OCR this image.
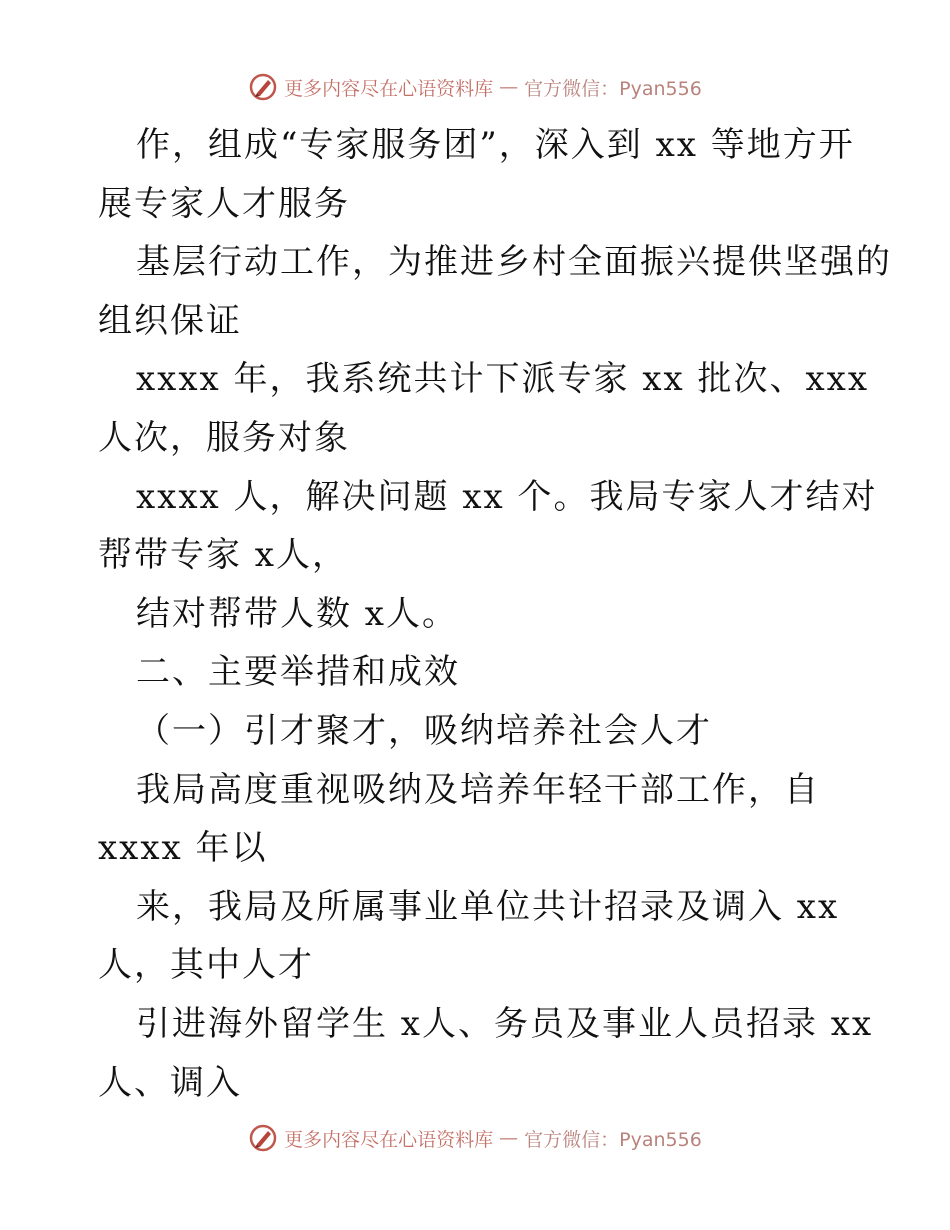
更多内容尽在心语资料库 — 官方微信：Pyan556
作，组成“专家服务团”，深入到 xx 等地方开
展专家人才服务
基层行动工作，为推进乡村全面振兴提供坚强的
组织保证
xxxx 年，我系统共计下派专家 xx 批次、xxx
人次，服务对象
xxxx 人，解决问题 xx 个。我局专家人才结对
帮带专家 x人，
结对帮带人数 x人。
二、主要举措和成效
（一）引才聚才，吸纳培养社会人才
我局高度重视吸纳及培养年轻干部工作，自
xxxx 年以
来，我局及所属事业单位共计招录及调入 xx
人，其中人才
引进海外留学生 x人、务员及事业人员招录 xx
人、调入
更多内容尽在心语资料库 — 官方微信：Pyan556
